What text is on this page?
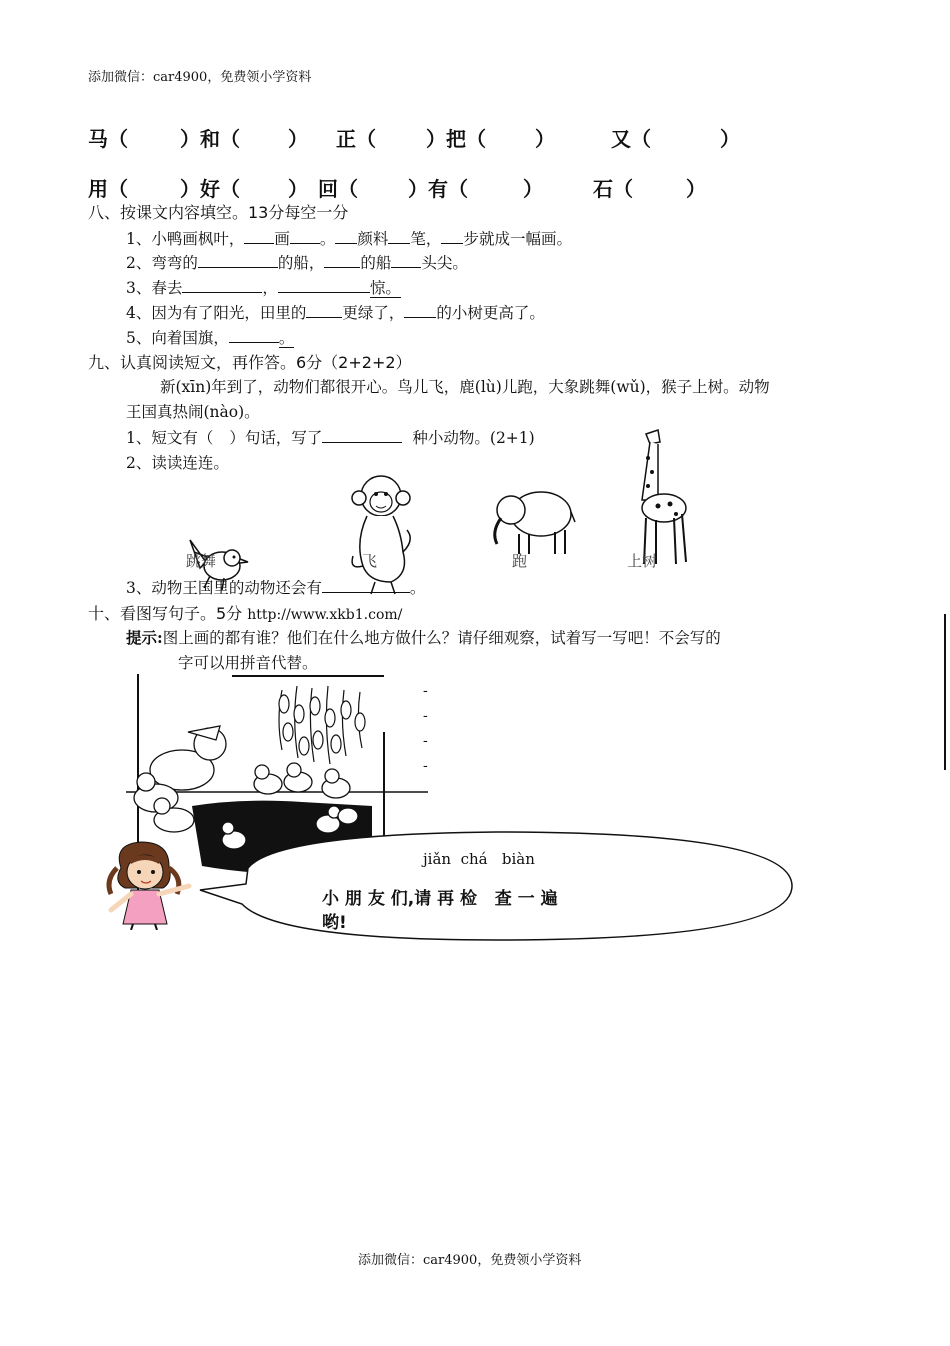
添加微信：car4900，免费领小学资料
马（	）和（ ） 正（	）把（ ）	又（	）
用（	）好（ ） 回（	）有（	）	石（	）
八、按课文内容填空。13分每空一分
1、小鸭画枫叶， 画 。 颜料 笔， 步就成一幅画。
2、弯弯的	的船， 的船 头尖。
3、春去	，	惊。
4、因为有了阳光，田里的 更绿了， 的小树更高了。
5、向着国旗，	。
九、认真阅读短文，再作答。6分（2+2+2）
新(xīn)年到了，动物们都很开心。鸟儿飞，鹿(lù)儿跑，大象跳舞(wǔ)，猴子上树。动物
王国真热闹(nào)。
1、短文有（ ）句话，写了	种小动物。(2+1)
2、读读连连。
跳舞	飞	跑	上树
3、动物王国里的动物还会有	。
十、看图写句子。5分 http://www.xkb1.com/
提示:图上画的都有谁？他们在什么地方做什么？请仔细观察，试着写一写吧！不会写的
字可以用拼音代替。
-
-
-
-
jiǎn  chá   biàn
小 朋 友 们,请 再 检   查 一 遍
哟!
添加微信：car4900，免费领小学资料
